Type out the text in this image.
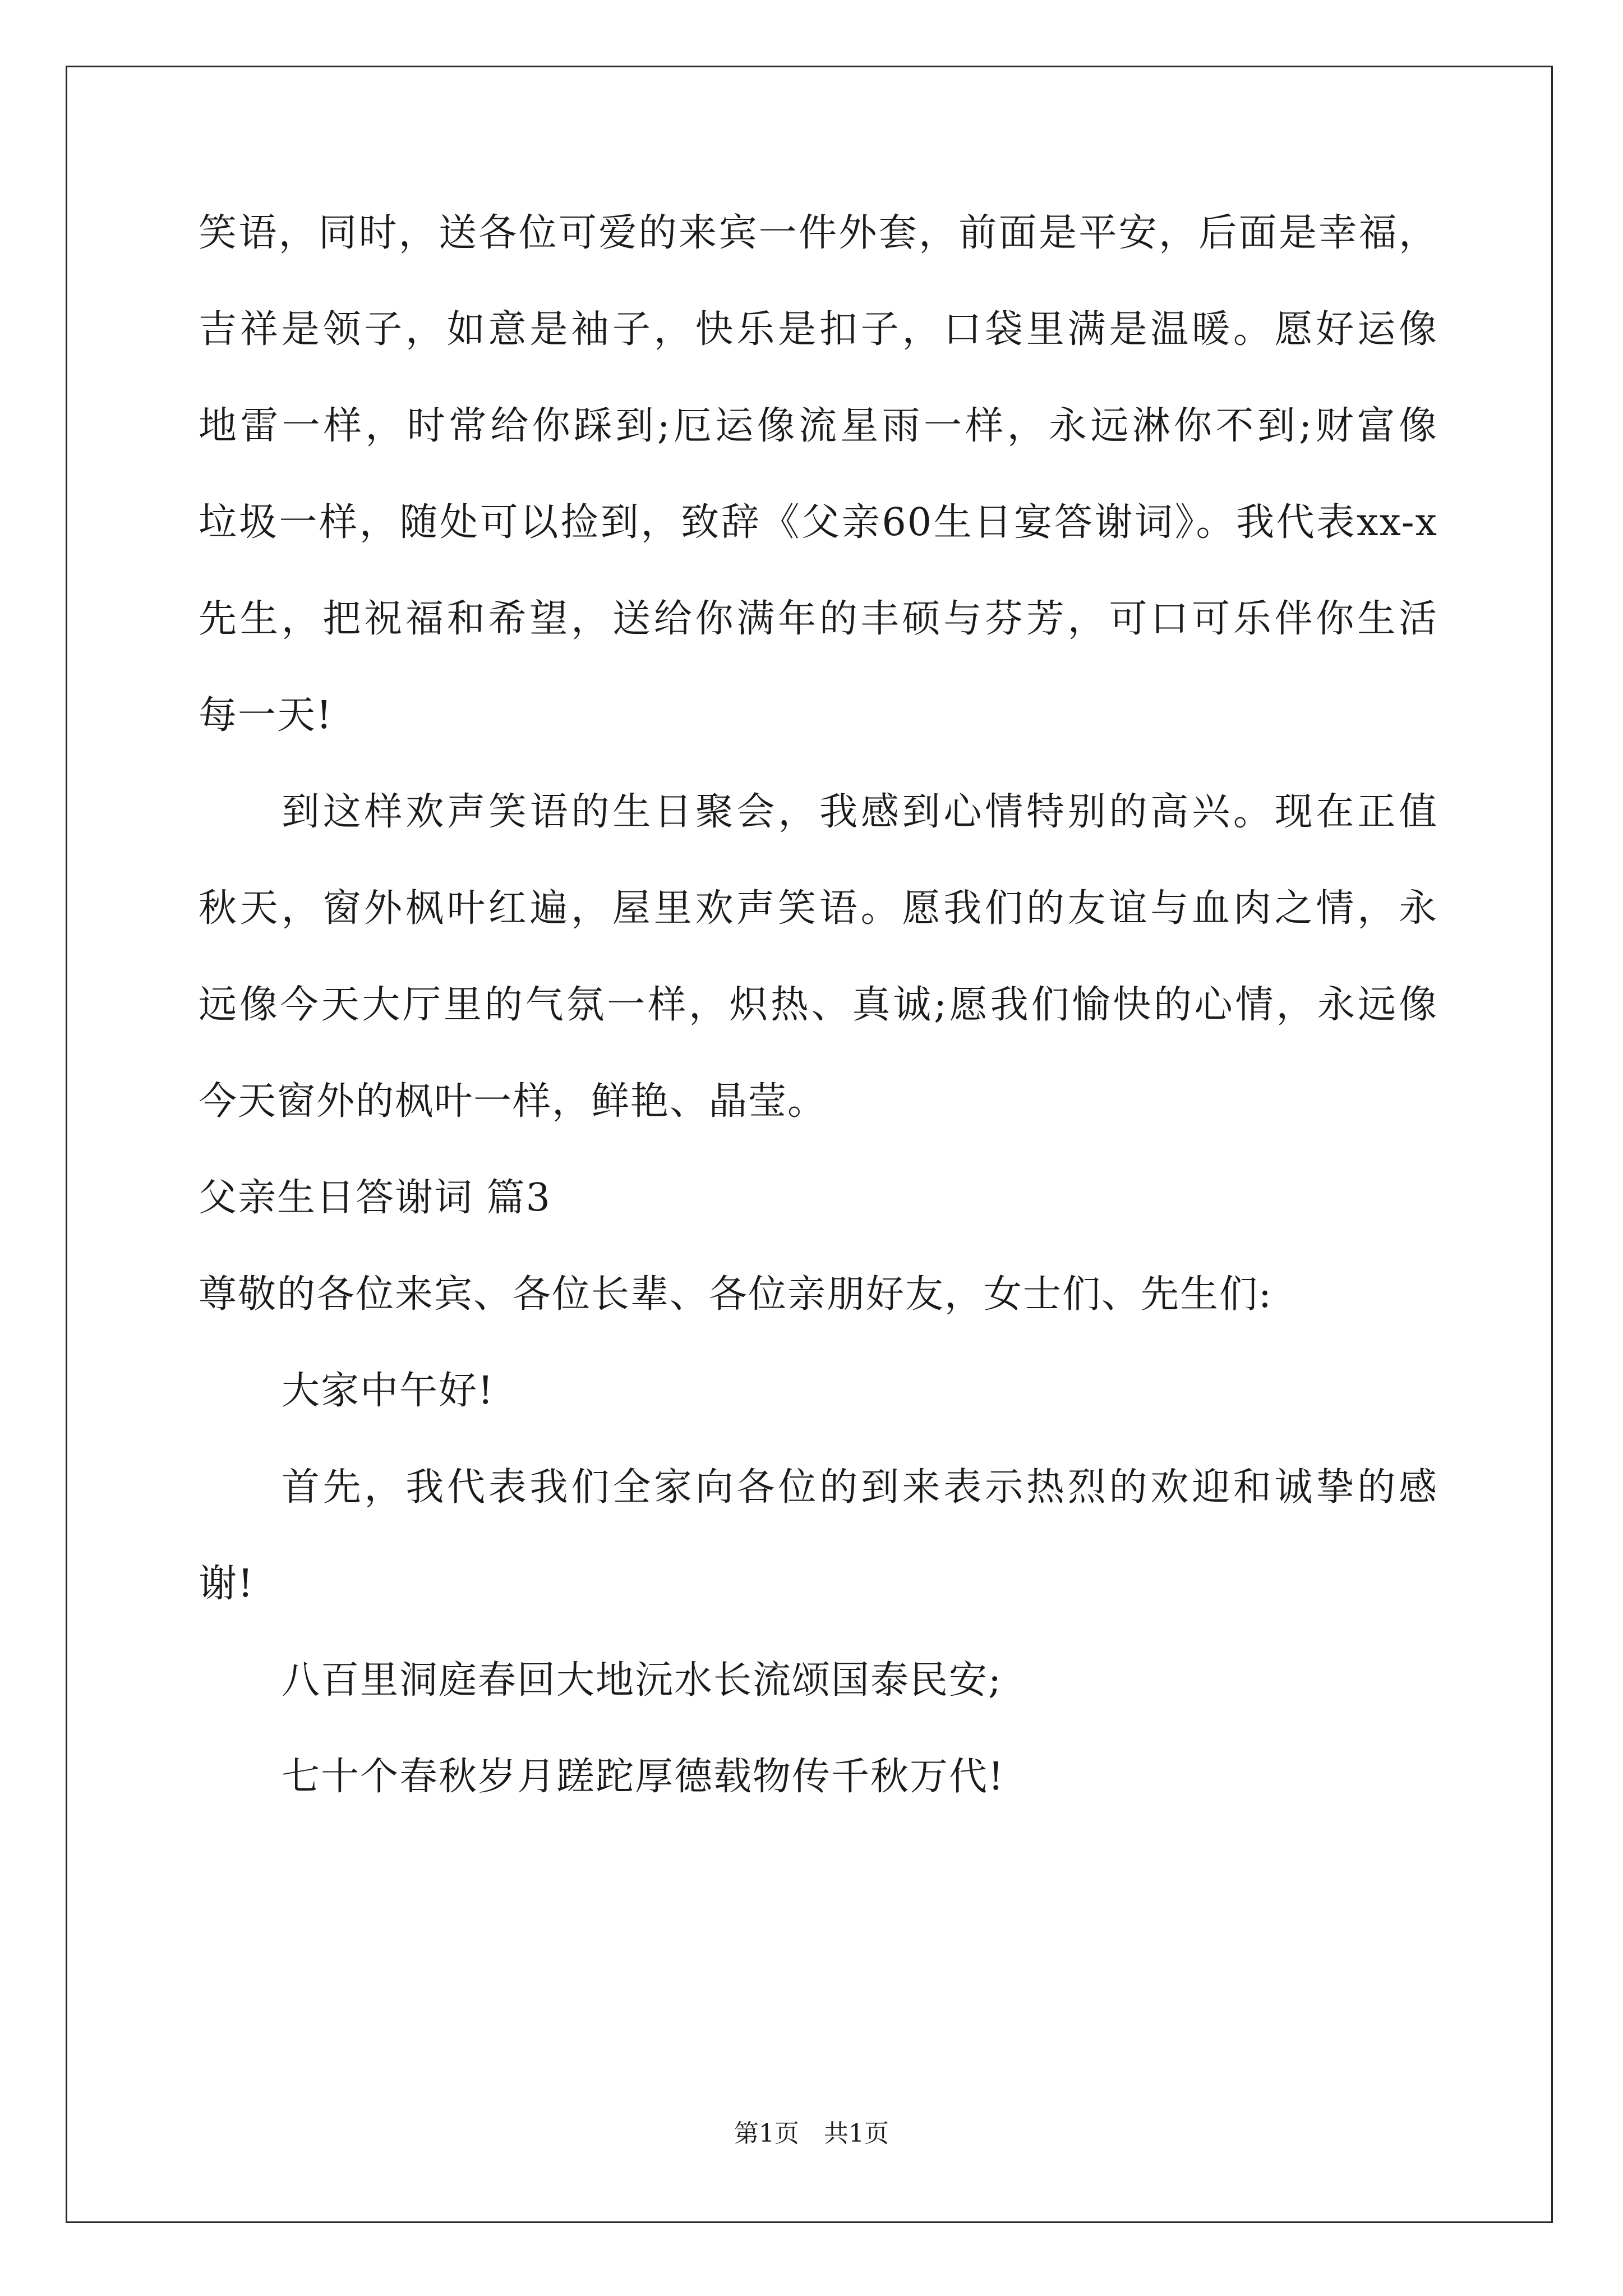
笑语，同时，送各位可爱的来宾一件外套，前面是平安，后面是幸福，
吉祥是领子，如意是袖子，快乐是扣子，口袋里满是温暖。愿好运像
地雷一样，时常给你踩到;厄运像流星雨一样，永远淋你不到;财富像
垃圾一样，随处可以捡到，致辞《父亲60生日宴答谢词》。我代表xx-x
先生，把祝福和希望，送给你满年的丰硕与芬芳，可口可乐伴你生活
每一天!
到这样欢声笑语的生日聚会，我感到心情特别的高兴。现在正值
秋天，窗外枫叶红遍，屋里欢声笑语。愿我们的友谊与血肉之情，永
远像今天大厅里的气氛一样，炽热、真诚;愿我们愉快的心情，永远像
今天窗外的枫叶一样，鲜艳、晶莹。
父亲生日答谢词 篇3
尊敬的各位来宾、各位长辈、各位亲朋好友，女士们、先生们:
大家中午好!
首先，我代表我们全家向各位的到来表示热烈的欢迎和诚挚的感
谢!
八百里洞庭春回大地沅水长流颂国泰民安;
七十个春秋岁月蹉跎厚德载物传千秋万代!
第1页　共1页
